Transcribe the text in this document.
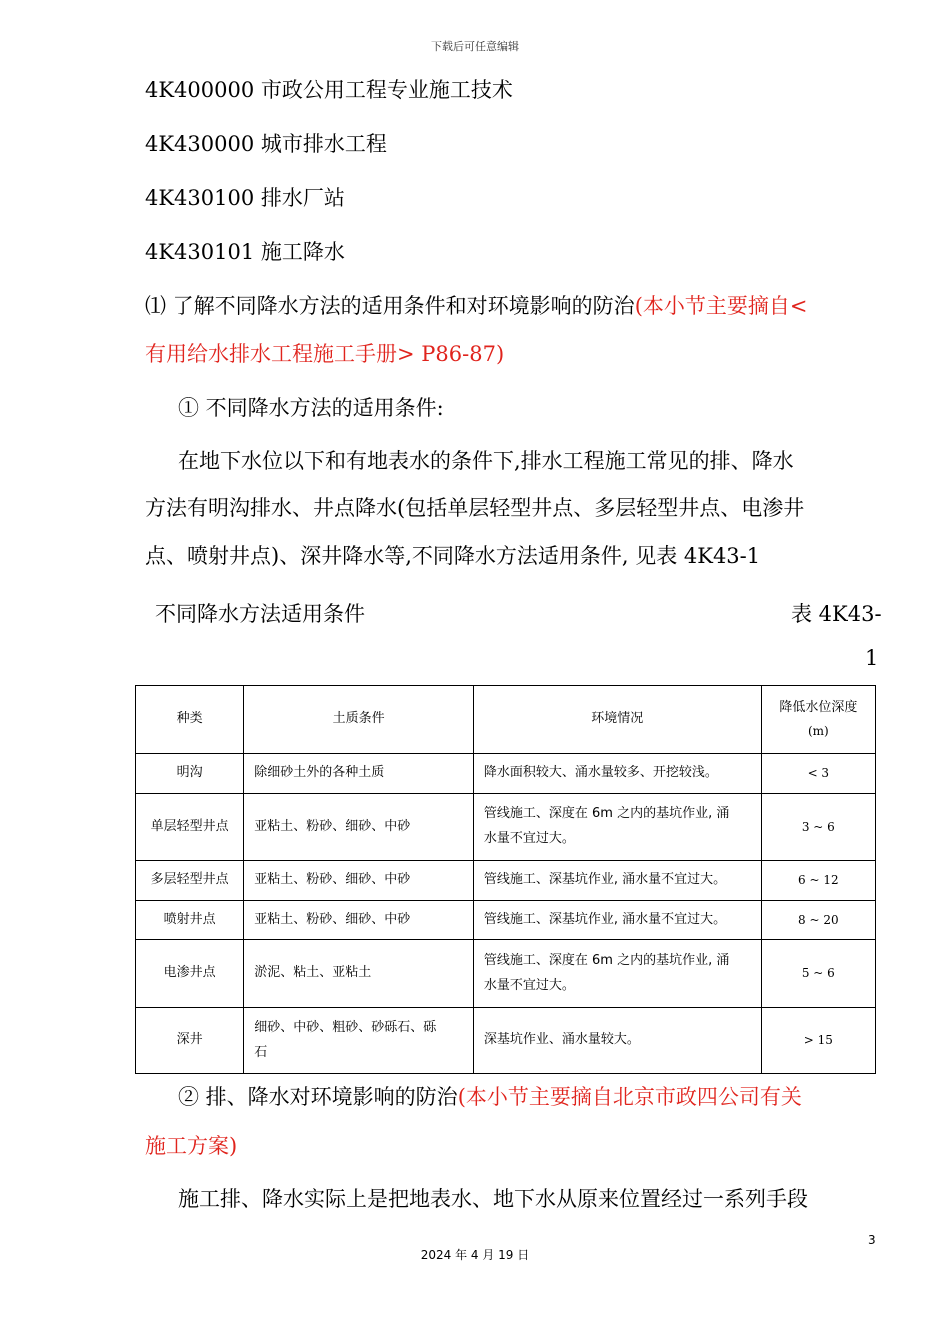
下载后可任意编辑
4K400000 市政公用工程专业施工技术
4K430000 城市排水工程
4K430100 排水厂站
4K430101 施工降水
⑴ 了解不同降水方法的适用条件和对环境影响的防治(本小节主要摘自<
有用给水排水工程施工手册> P86-87)
① 不同降水方法的适用条件:
在地下水位以下和有地表水的条件下,排水工程施工常见的排、降水
方法有明沟排水、井点降水(包括单层轻型井点、多层轻型井点、电渗井
点、喷射井点)、深井降水等,不同降水方法适用条件, 见表 4K43-1
不同降水方法适用条件	表 4K43-
1
种类	土质条件	环境情况	降低水位深度
(m)

明沟	除细砂土外的各种土质	降水面积较大、涌水量较多、开挖较浅。	< 3
单层轻型井点	亚粘土、粉砂、细砂、中砂	管线施工、深度在 6m 之内的基坑作业, 涌
水量不宜过大。	3 ~ 6
多层轻型井点	亚粘土、粉砂、细砂、中砂	管线施工、深基坑作业, 涌水量不宜过大。	6 ~ 12
喷射井点	亚粘土、粉砂、细砂、中砂	管线施工、深基坑作业, 涌水量不宜过大。	8 ~ 20
电渗井点	淤泥、粘土、亚粘土	管线施工、深度在 6m 之内的基坑作业, 涌
水量不宜过大。	5 ~ 6
深井	细砂、中砂、粗砂、砂砾石、砾
石	深基坑作业、涌水量较大。	> 15
② 排、降水对环境影响的防治(本小节主要摘自北京市政四公司有关
施工方案)
施工排、降水实际上是把地表水、地下水从原来位置经过一系列手段
3
2024 年 4 月 19 日
